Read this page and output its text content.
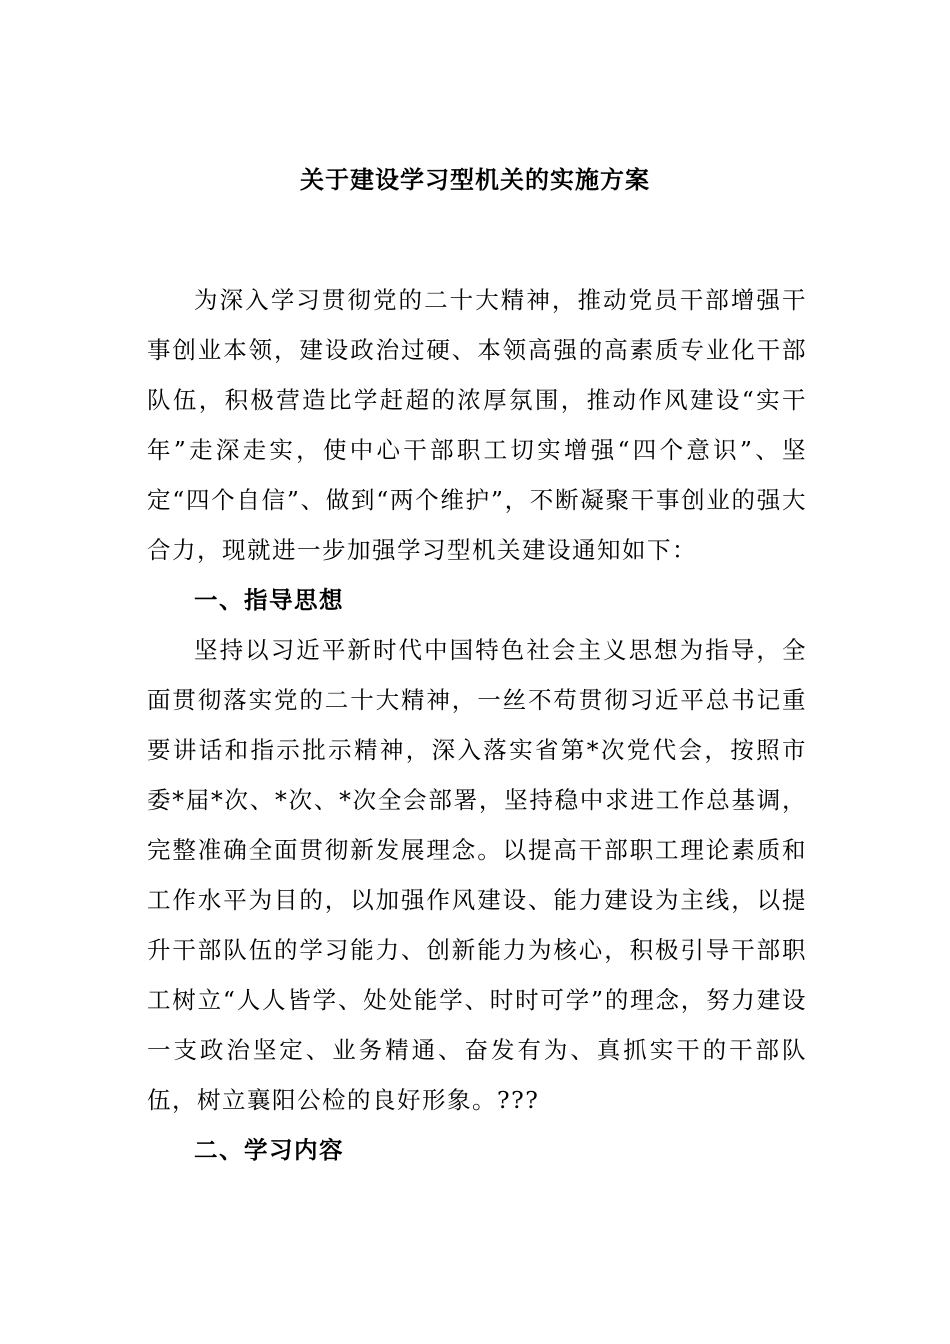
关于建设学习型机关的实施方案

为深入学习贯彻党的二十大精神，推动党员干部增强干事创业本领，建设政治过硬、本领高强的高素质专业化干部队伍，积极营造比学赶超的浓厚氛围，推动作风建设“实干年”走深走实，使中心干部职工切实增强“四个意识”、坚定“四个自信”、做到“两个维护”，不断凝聚干事创业的强大合力，现就进一步加强学习型机关建设通知如下：

一、指导思想

坚持以习近平新时代中国特色社会主义思想为指导，全面贯彻落实党的二十大精神，一丝不苟贯彻习近平总书记重要讲话和指示批示精神，深入落实省第*次党代会，按照市委*届*次、*次、*次全会部署，坚持稳中求进工作总基调，完整准确全面贯彻新发展理念。以提高干部职工理论素质和工作水平为目的，以加强作风建设、能力建设为主线，以提升干部队伍的学习能力、创新能力为核心，积极引导干部职工树立“人人皆学、处处能学、时时可学”的理念，努力建设一支政治坚定、业务精通、奋发有为、真抓实干的干部队伍，树立襄阳公检的良好形象。???

二、学习内容
